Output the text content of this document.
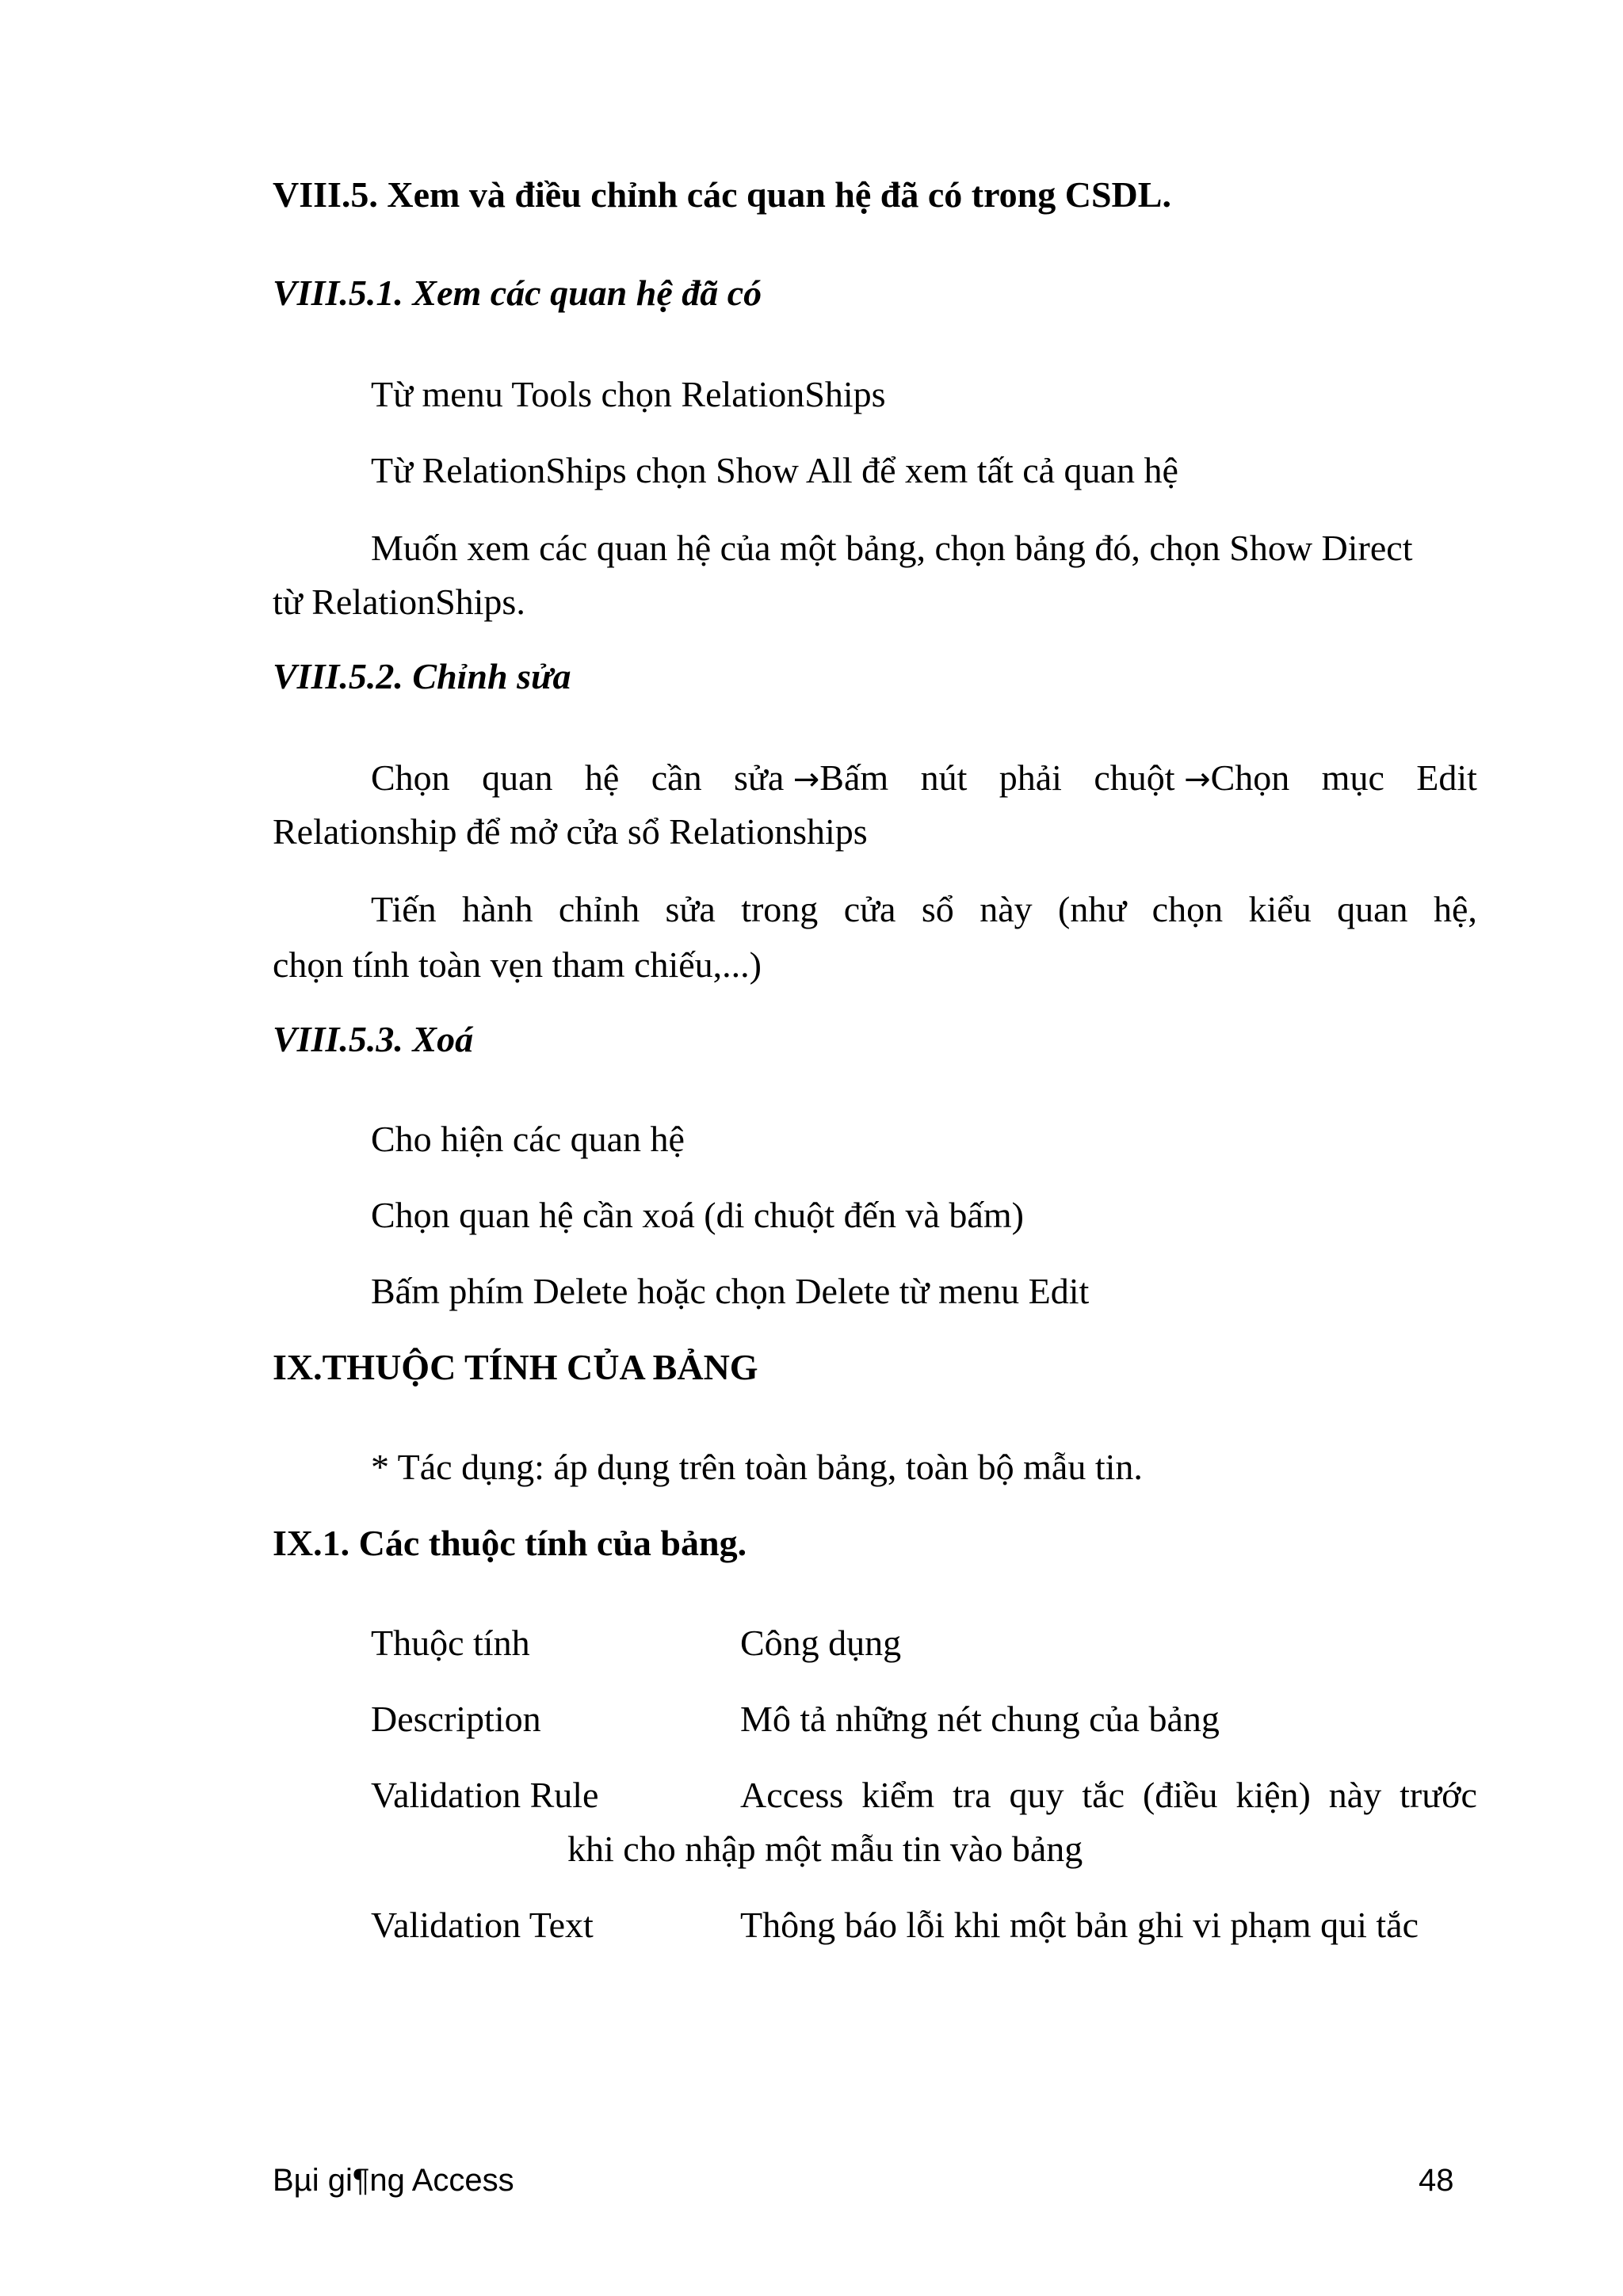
VIII.5. Xem và điều chỉnh các quan hệ đã có trong CSDL.
VIII.5.1. Xem các quan hệ đã có
Từ menu Tools chọn RelationShips
Từ RelationShips chọn Show All để xem tất cả quan hệ
Muốn xem các quan hệ của một bảng, chọn bảng đó, chọn Show Direct
từ RelationShips.
VIII.5.2. Chỉnh sửa
Chọn quan hệ cần sửa →Bấm nút phải chuột →Chọn mục Edit
Relationship để mở cửa sổ Relationships
Tiến hành chỉnh sửa trong cửa sổ này (như chọn kiểu quan hệ,
chọn tính toàn vẹn tham chiếu,...)
VIII.5.3. Xoá
Cho hiện các quan hệ
Chọn quan hệ cần xoá (di chuột đến và bấm)
Bấm phím Delete hoặc chọn Delete từ menu Edit
IX.THUỘC TÍNH CỦA BẢNG
* Tác dụng: áp dụng trên toàn bảng, toàn bộ mẫu tin.
IX.1. Các thuộc tính của bảng.
Thuộc tính	Công dụng
Description	Mô tả những nét chung của bảng
Validation Rule	Access kiểm tra quy tắc (điều kiện) này trước
khi cho nhập một mẫu tin vào bảng
Validation Text	Thông báo lỗi khi một bản ghi vi phạm qui tắc
Bµi gi¶ng Access	48
